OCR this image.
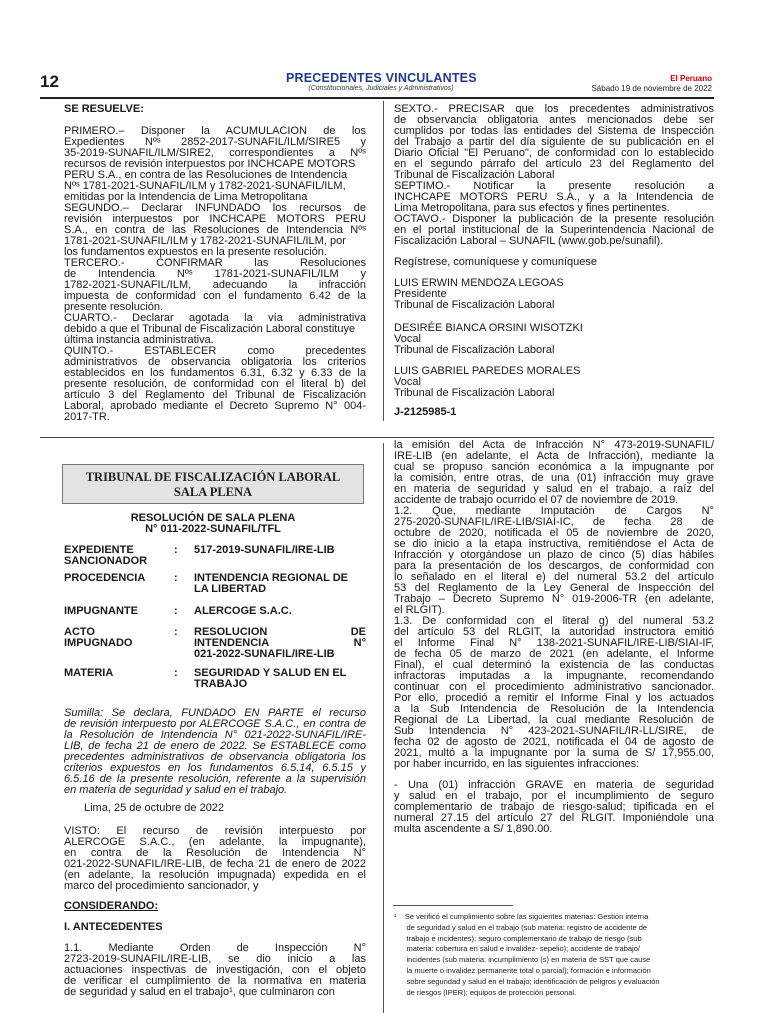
12	PRECEDENTES VINCULANTES
(Constitucionales, Judiciales y Administrativos)
El Peruano
Sábado 19 de noviembre de 2022
SE RESUELVE:
PRIMERO.– Disponer la ACUMULACIÓN de los
Expedientes Nºˢ 2852-2017-SUNAFIL/ILM/SIRE5 y
35-2019-SUNAFIL/ILM/SIRE2, correspondientes a Nºˢ
recursos de revisión interpuestos por INCHCAPE MOTORS
PERU S.A., en contra de las Resoluciones de Intendencia
Nºˢ 1781-2021-SUNAFIL/ILM y 1782-2021-SUNAFIL/ILM,
emitidas por la Intendencia de Lima Metropolitana
SEGUNDO.– Declarar INFUNDADO los recursos de
revisión interpuestos por INCHCAPE MOTORS PERU
S.A., en contra de las Resoluciones de Intendencia Nºˢ
1781-2021-SUNAFIL/ILM y 1782-2021-SUNAFIL/ILM, por
los fundamentos expuestos en la presente resolución.
TERCERO.- CONFIRMAR las Resoluciones
de Intendencia Nºˢ 1781-2021-SUNAFIL/ILM y
1782-2021-SUNAFIL/ILM, adecuando la infracción
impuesta de conformidad con el fundamento 6.42 de la
presente resolución.
CUARTO.- Declarar agotada la vía administrativa
debido a que el Tribunal de Fiscalización Laboral constituye
última instancia administrativa.
QUINTO.- ESTABLECER como precedentes
administrativos de observancia obligatoria los criterios
establecidos en los fundamentos 6.31, 6.32 y 6.33 de la
presente resolución, de conformidad con el literal b) del
artículo 3 del Reglamento del Tribunal de Fiscalización
Laboral, aprobado mediante el Decreto Supremo N° 004-
2017-TR.
SEXTO.- PRECISAR que los precedentes administrativos
de observancia obligatoria antes mencionados debe ser
cumplidos por todas las entidades del Sistema de Inspección
del Trabajo a partir del día siguiente de su publicación en el
Diario Oficial "El Peruano", de conformidad con lo establecido
en el segundo párrafo del artículo 23 del Reglamento del
Tribunal de Fiscalización Laboral
SÉPTIMO.- Notificar la presente resolución a
INCHCAPE MOTORS PERU S.A., y a la Intendencia de
Lima Metropolitana, para sus efectos y fines pertinentes.
OCTAVO.- Disponer la publicación de la presente resolución
en el portal institucional de la Superintendencia Nacional de
Fiscalización Laboral – SUNAFIL (www.gob.pe/sunafil).
Regístrese, comuníquese y comuníquese
LUIS ERWIN MENDOZA LEGOAS
Presidente
Tribunal de Fiscalización Laboral
DESIRÉE BIANCA ORSINI WISOTZKI
Vocal
Tribunal de Fiscalización Laboral
LUIS GABRIEL PAREDES MORALES
Vocal
Tribunal de Fiscalización Laboral
J-2125985-1
TRIBUNAL DE FISCALIZACIÓN LABORAL
SALA PLENA
RESOLUCIÓN DE SALA PLENA
N° 011-2022-SUNAFIL/TFL
EXPEDIENTE
SANCIONADOR
:	517-2019-SUNAFIL/IRE-LIB
PROCEDENCIA	:	INTENDENCIA REGIONAL DE
LA LIBERTAD
IMPUGNANTE	:	ALERCOGE S.A.C.
ACTO
IMPUGNADO
:	RESOLUCIÓN DE
INTENDENCIA N°
021-2022-SUNAFIL/IRE-LIB
MATERIA	:	SEGURIDAD Y SALUD EN EL
TRABAJO
Sumilla: Se declara, FUNDADO EN PARTE el recurso
de revisión interpuesto por ALERCOGE S.A.C., en contra de
la Resolución de Intendencia N° 021-2022-SUNAFIL/IRE-
LIB, de fecha 21 de enero de 2022. Se ESTABLECE como
precedentes administrativos de observancia obligatoria los
criterios expuestos en los fundamentos 6.5.14, 6.5.15 y
6.5.16 de la presente resolución, referente a la supervisión
en materia de seguridad y salud en el trabajo.
Lima, 25 de octubre de 2022
VISTO: El recurso de revisión interpuesto por
ALERCOGE S.A.C., (en adelante, la impugnante),
en contra de la Resolución de Intendencia N°
021-2022-SUNAFIL/IRE-LIB, de fecha 21 de enero de 2022
(en adelante, la resolución impugnada) expedida en el
marco del procedimiento sancionador, y
CONSIDERANDO:
I. ANTECEDENTES
1.1. Mediante Orden de Inspección N°
2723-2019-SUNAFIL/IRE-LIB, se dio inicio a las
actuaciones inspectivas de investigación, con el objeto
de verificar el cumplimiento de la normativa en materia
de seguridad y salud en el trabajo¹, que culminaron con
la emisión del Acta de Infracción N° 473-2019-SUNAFIL/
IRE-LIB (en adelante, el Acta de Infracción), mediante la
cual se propuso sanción económica a la impugnante por
la comisión, entre otras, de una (01) infracción muy grave
en materia de seguridad y salud en el trabajo, a raíz del
accidente de trabajo ocurrido el 07 de noviembre de 2019.
1.2. Que, mediante Imputación de Cargos N°
275-2020-SUNAFIL/IRE-LIB/SIAI-IC, de fecha 28 de
octubre de 2020, notificada el 05 de noviembre de 2020,
se dio inicio a la etapa instructiva, remitiéndose el Acta de
Infracción y otorgándose un plazo de cinco (5) días hábiles
para la presentación de los descargos, de conformidad con
lo señalado en el literal e) del numeral 53.2 del artículo
53 del Reglamento de la Ley General de Inspección del
Trabajo – Decreto Supremo N° 019-2006-TR (en adelante,
el RLGIT).
1.3. De conformidad con el literal g) del numeral 53.2
del artículo 53 del RLGIT, la autoridad instructora emitió
el Informe Final N° 138-2021-SUNAFIL/IRE-LIB/SIAI-IF,
de fecha 05 de marzo de 2021 (en adelante, el Informe
Final), el cual determinó la existencia de las conductas
infractoras imputadas a la impugnante, recomendando
continuar con el procedimiento administrativo sancionador.
Por ello, procedió a remitir el Informe Final y los actuados
a la Sub Intendencia de Resolución de la Intendencia
Regional de La Libertad, la cual mediante Resolución de
Sub Intendencia N° 423-2021-SUNAFIL/IR-LL/SIRE, de
fecha 02 de agosto de 2021, notificada el 04 de agosto de
2021, multó a la impugnante por la suma de S/ 17,955.00,
por haber incurrido, en las siguientes infracciones:
- Una (01) infracción GRAVE en materia de seguridad
y salud en el trabajo, por el incumplimiento de seguro
complementario de trabajo de riesgo-salud; tipificada en el
numeral 27.15 del artículo 27 del RLGIT. Imponiéndole una
multa ascendente a S/ 1,890.00.
¹    Se verificó el cumplimiento sobre las siguientes materias: Gestión interna
de seguridad y salud en el trabajo (sub materia: registro de accidente de
trabajo e incidentes); seguro complementario de trabajo de riesgo (sub
materia: cobertura en salud e invalidez- sepelio); accidente de trabajo/
incidentes (sub materia: incumplimiento (s) en materia de SST que cause
la muerte o invalidez permanente total o parcial); formación e información
sobre seguridad y salud en el trabajo; identificación de peligros y evaluación
de riesgos (IPER); equipos de protección personal.
